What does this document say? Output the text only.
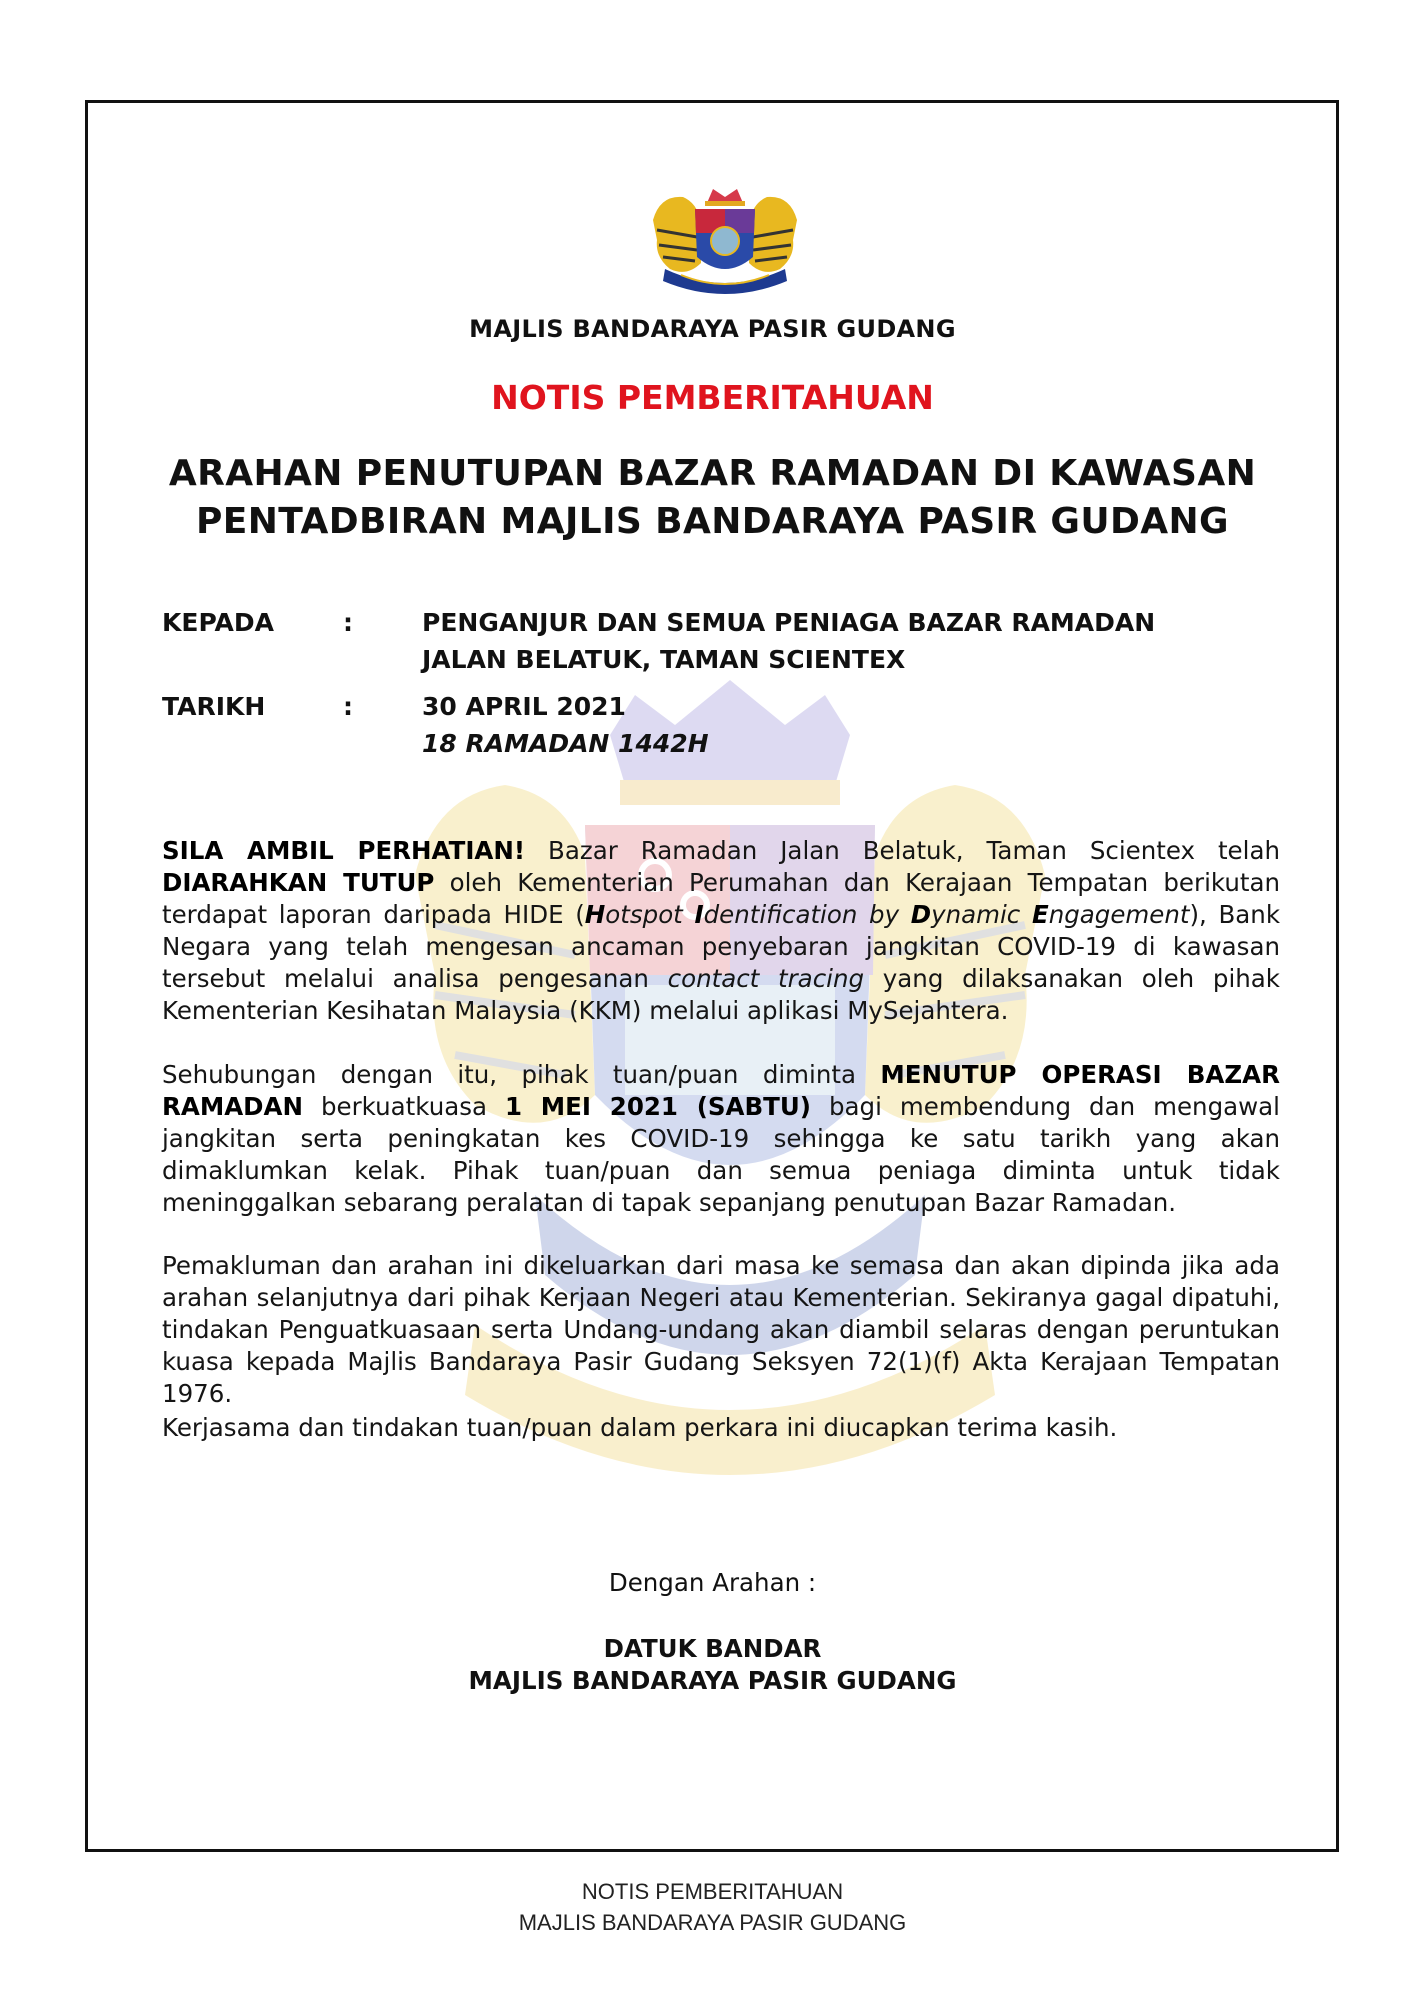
MAJLIS BANDARAYA PASIR GUDANG
NOTIS PEMBERITAHUAN
ARAHAN PENUTUPAN BAZAR RAMADAN DI KAWASAN
PENTADBIRAN MAJLIS BANDARAYA PASIR GUDANG
KEPADA	:	PENGANJUR DAN SEMUA PENIAGA BAZAR RAMADAN
JALAN BELATUK, TAMAN SCIENTEX
TARIKH	:	30 APRIL 2021
18 RAMADAN 1442H
SILA AMBIL PERHATIAN! Bazar Ramadan Jalan Belatuk, Taman Scientex telah DIARAHKAN TUTUP oleh Kementerian Perumahan dan Kerajaan Tempatan berikutan terdapat laporan daripada HIDE (Hotspot Identification by Dynamic Engagement), Bank Negara yang telah mengesan ancaman penyebaran jangkitan COVID-19 di kawasan tersebut melalui analisa pengesanan contact tracing yang dilaksanakan oleh pihak Kementerian Kesihatan Malaysia (KKM) melalui aplikasi MySejahtera.
Sehubungan dengan itu, pihak tuan/puan diminta MENUTUP OPERASI BAZAR RAMADAN berkuatkuasa 1 MEI 2021 (SABTU) bagi membendung dan mengawal jangkitan serta peningkatan kes COVID-19 sehingga ke satu tarikh yang akan dimaklumkan kelak. Pihak tuan/puan dan semua peniaga diminta untuk tidak meninggalkan sebarang peralatan di tapak sepanjang penutupan Bazar Ramadan.
Pemakluman dan arahan ini dikeluarkan dari masa ke semasa dan akan dipinda jika ada arahan selanjutnya dari pihak Kerjaan Negeri atau Kementerian. Sekiranya gagal dipatuhi, tindakan Penguatkuasaan serta Undang-undang akan diambil selaras dengan peruntukan kuasa kepada Majlis Bandaraya Pasir Gudang Seksyen 72(1)(f) Akta Kerajaan Tempatan 1976.
Kerjasama dan tindakan tuan/puan dalam perkara ini diucapkan terima kasih.
Dengan Arahan :
DATUK BANDAR
MAJLIS BANDARAYA PASIR GUDANG
NOTIS PEMBERITAHUAN
MAJLIS BANDARAYA PASIR GUDANG
